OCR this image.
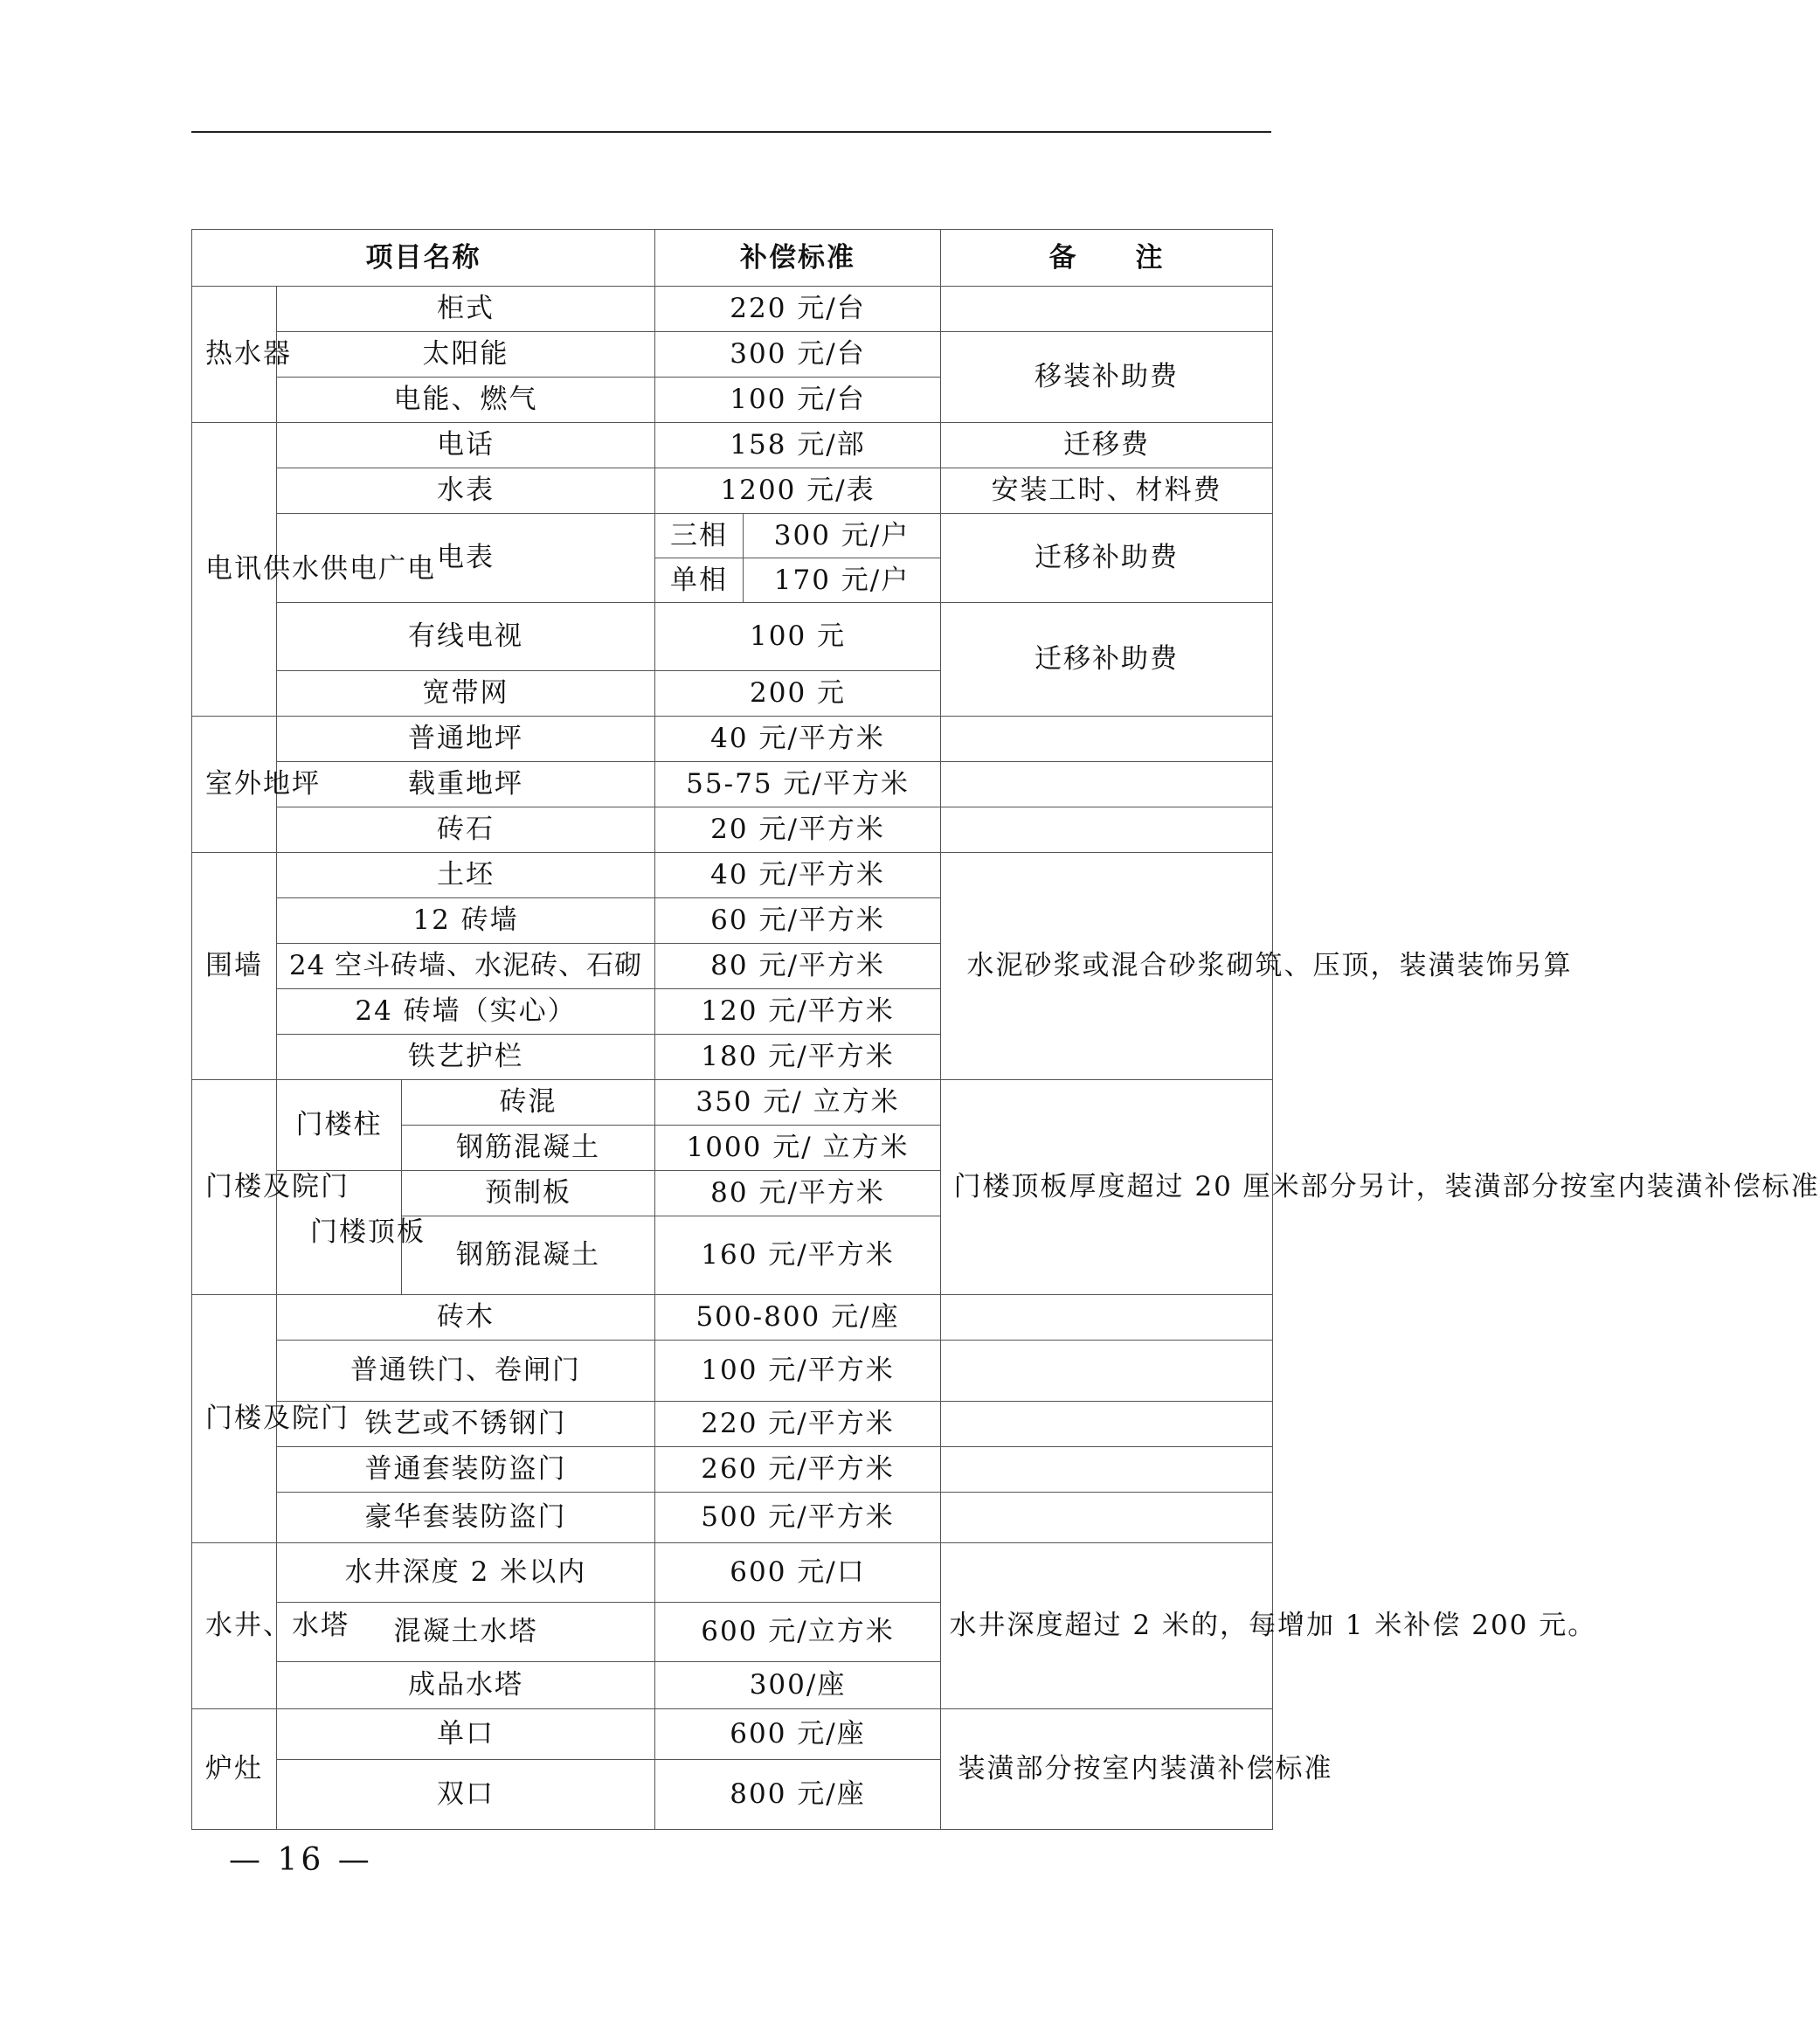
项目名称			补偿标准		备　　注
热水器	柜式		220 元/台		
	太阳能		300 元/台		移装补助费
	电能、燃气		100 元/台		
电讯供水供电广电	电话		158 元/部		迁移费
	水表		1200 元/表		安装工时、材料费
	电表		三相	300 元/户	迁移补助费
			单相	170 元/户	
	有线电视		100 元		迁移补助费
	宽带网		200 元		
室外地坪	普通地坪		40 元/平方米		
	载重地坪		55-75 元/平方米		
	砖石		20 元/平方米		
围墙	土坯		40 元/平方米		水泥砂浆或混合砂浆砌筑、压顶，装潢装饰另算
	12 砖墙		60 元/平方米		
	24 空斗砖墙、水泥砖、石砌		80 元/平方米		
	24 砖墙（实心）		120 元/平方米		
	铁艺护栏		180 元/平方米		
门楼及院门	门楼柱	砖混	350 元/ 立方米		门楼顶板厚度超过 20 厘米部分另计，装潢部分按室内装潢补偿标准
		钢筋混凝土	1000 元/ 立方米		
	门楼顶板	预制板	80 元/平方米		
		钢筋混凝土	160 元/平方米		
门楼及院门	砖木		500-800 元/座		
	普通铁门、卷闸门		100 元/平方米		
	铁艺或不锈钢门		220 元/平方米		
	普通套装防盗门		260 元/平方米		
	豪华套装防盗门		500 元/平方米		
水井、水塔	水井深度 2 米以内		600 元/口		水井深度超过 2 米的，每增加 1 米补偿 200 元。
	混凝土水塔		600 元/立方米		
	成品水塔		300/座		
炉灶	单口		600 元/座		装潢部分按室内装潢补偿标准
	双口		800 元/座		
— 16 —
